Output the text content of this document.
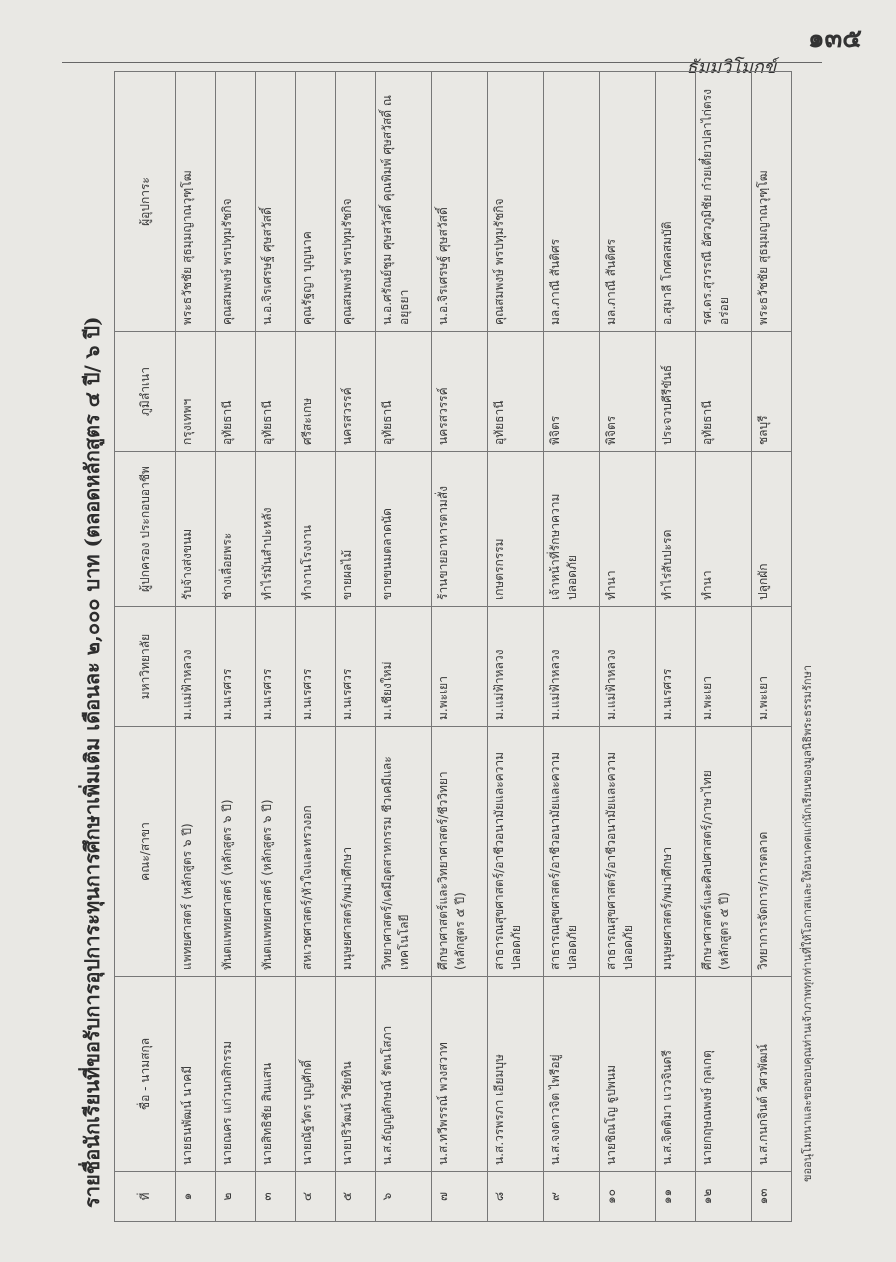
๑๓๕
ธัมมวิโมกข์
รายชื่อนักเรียนที่ขอรับการอุปการะทุนการศึกษาเพิ่มเติม เดือนละ ๒,๐๐๐ บาท (ตลอดหลักสูตร ๔ ปี/ ๖ ปี)	ที่	ชื่อ - นามสกุล	คณะ/สาขา	มหาวิทยาลัย	ผู้ปกครอง ประกอบอาชีพ	ภูมิลำเนา	ผู้อุปการะ
๑	นายธนพัฒน์ นาคมี	แพทยศาสตร์ (หลักสูตร ๖ ปี)	ม.แม่ฟ้าหลวง	รับจ้างส่งขนม	กรุงเทพฯ	พระธวัชชัย สุธมฺมญาณวุฑฺโฒ
๒	นายณคร แก่วนกสิกรรม	ทันตแพทยศาสตร์ (หลักสูตร ๖ ปี)	ม.นเรศวร	ช่างเลื่อยพระ	อุทัยธานี	คุณสมพงษ์ พรปทุมรัชกิจ
๓	นายสิทธิชัย สินแสน	ทันตแพทยศาสตร์ (หลักสูตร ๖ ปี)	ม.นเรศวร	ทำไร่มันสำปะหลัง	อุทัยธานี	น.อ.จิรเศรษฐ์ ศุษสวัสดิ์
๔	นายณัฐวัตร บุญศักดิ์	สหเวชศาสตร์/หัวใจและทรวงอก	ม.นเรศวร	ทำงานโรงงาน	ศรีสะเกษ	คุณรัฐญา บุญนาค
๕	นายปริวัฒน์ วิชัยทิน	มนุษยศาสตร์/พม่าศึกษา	ม.นเรศวร	ขายผลไม้	นครสวรรค์	คุณสมพงษ์ พรปทุมรัชกิจ
๖	น.ส.ธัญญลักษณ์ รัตนโสภา	วิทยาศาสตร์/เคมีอุตสาหกรรม ชีวเคมีและเทคโนโลยี	ม.เชียงใหม่	ขายขนมตลาดนัด	อุทัยธานี	น.อ.ศรัณย์ชุม ศุษสวัสดิ์ คุณพิมพ์ ศุษสวัสดิ์ ณ อยุธยา
๗	น.ส.ทวีพรรณ์ พวงสวาท	ศึกษาศาสตร์และวิทยาศาสตร์/ชีววิทยา (หลักสูตร ๕ ปี)	ม.พะเยา	ร้านขายอาหารตามสั่ง	นครสวรรค์	น.อ.จิรเศรษฐ์ ศุษสวัสดิ์
๘	น.ส.วรพรภา เอียมบุษ	สาธารณสุขศาสตร์/อาชีวอนามัยและความปลอดภัย	ม.แม่ฟ้าหลวง	เกษตรกรรม	อุทัยธานี	คุณสมพงษ์ พรปทุมรัชกิจ
๙	น.ส.จงดาวจิต ไพรีอยู่	สาธารณสุขศาสตร์/อาชีวอนามัยและความปลอดภัย	ม.แม่ฟ้าหลวง	เจ้าหน้าที่รักษาความปลอดภัย	พิจิตร	มล.ภาณี สันติศร
๑๐	นายชิณโญ ฐูปพนม	สาธารณสุขศาสตร์/อาชีวอนามัยและความปลอดภัย	ม.แม่ฟ้าหลวง	ทำนา	พิจิตร	มล.ภาณี สันติศร
๑๑	น.ส.จิตติมา แววจินดรี	มนุษยศาสตร์/พม่าศึกษา	ม.นเรศวร	ทำไร่สับปะรด	ประจวบคีรีขันธ์	อ.สุมาลี โกศลสมบัติ
๑๒	นายกฤษณพงษ์ กุลเกตุ	ศึกษาศาสตร์และศิลปศาสตร์/ภาษาไทย (หลักสูตร ๕ ปี)	ม.พะเยา	ทำนา	อุทัยธานี	รศ.ดร.สุวรรณี อัศวภูมิชัย ก๋วยเตี๋ยวปลาไก่ตรงอร่อย
๑๓	น.ส.กนกจินต์ วิศวพัฒน์	วิทยาการจัดการ/การตลาด	ม.พะเยา	ปลูกผัก	ชลบุรี	พระธวัชชัย สุธมฺมญาณวุฑฺโฒ
ขออนุโมทนาและขอขอบคุณท่านเจ้าภาพทุกท่านที่ให้โอกาสและให้อนาคตแก่นักเรียนของมูลนิธิพระธรรมรักษา
